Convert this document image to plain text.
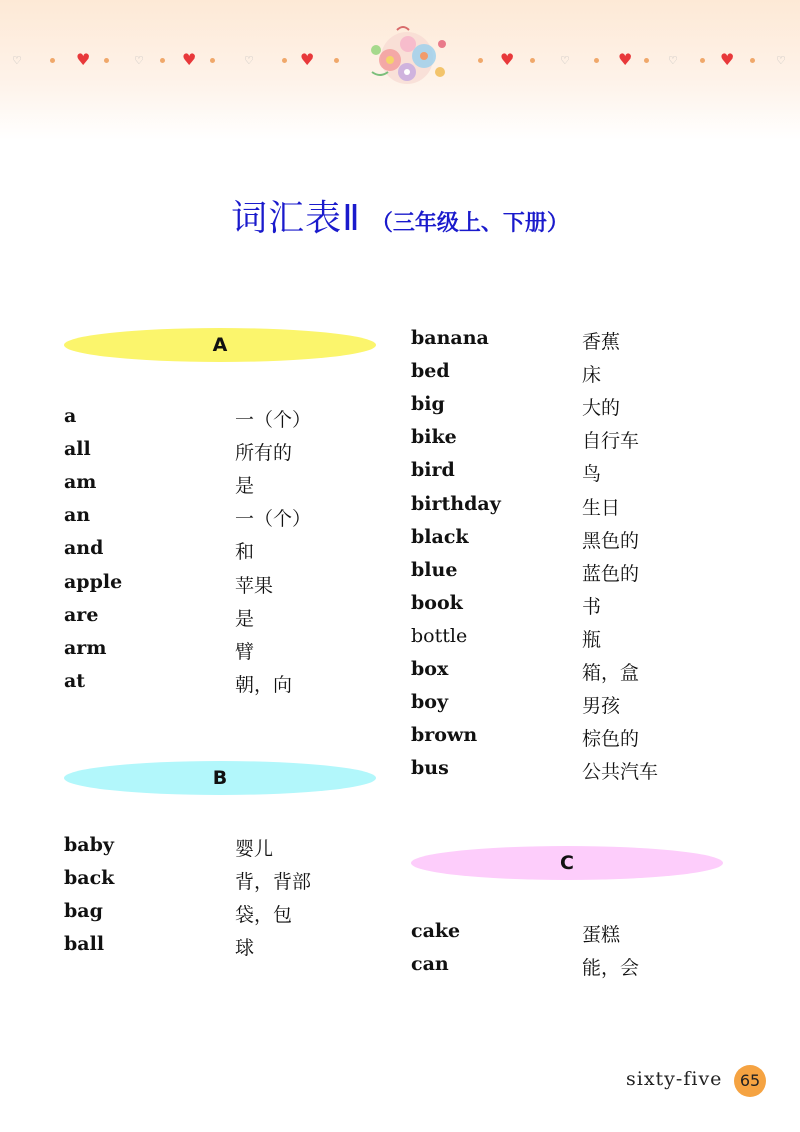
♡	♥	♡ ♥	♡	♥	♥	♡	♥	♡	♥	♡
词汇表Ⅱ （三年级上、下册）
A
B
C
a	一（个）
all	所有的
am	是
an	一（个）
and	和
apple	苹果
are	是
arm	臂
at	朝，向
baby	婴儿
back	背，背部
bag	袋，包
ball	球
banana	香蕉
bed	床
big	大的
bike	自行车
bird	鸟
birthday	生日
black	黑色的
blue	蓝色的
book	书
bottle	瓶
box	箱，盒
boy	男孩
brown	棕色的
bus	公共汽车
cake	蛋糕
can	能，会
sixty-five	65
